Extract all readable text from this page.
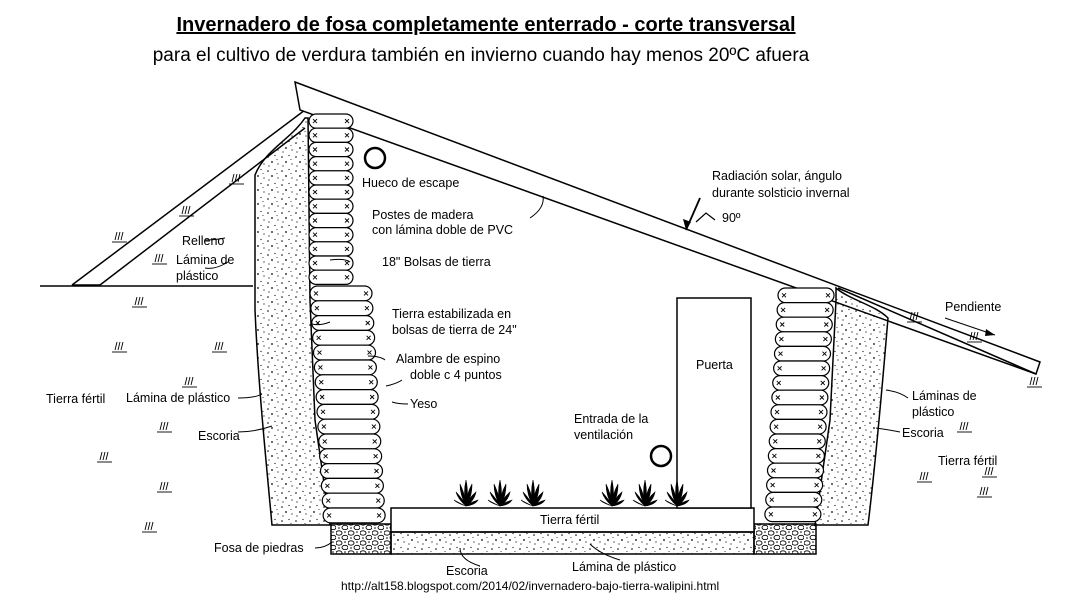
Invernadero de fosa completamente enterrado - corte transversal
para el cultivo de verdura también en invierno cuando hay menos 20ºC afuera
Hueco de escape	Radiación solar, ángulo
durante solsticio invernal
90º
Postes de madera
con lámina doble de PVC
Relleno
Lámina de
plástico
18" Bolsas de tierra
Pendiente
Tierra estabilizada en
bolsas de tierra de 24"
Puerta
Alambre de espino
doble c 4 puntos
Láminas de
plástico
Tierra fértil Lámina de plástico	Yeso
Entrada de la
ventilación	Escoria
Escoria
Tierra fértil
Tierra fértil
Fosa de piedras
Escoria	Lámina de plástico
http://alt158.blogspot.com/2014/02/invernadero-bajo-tierra-walipini.html
